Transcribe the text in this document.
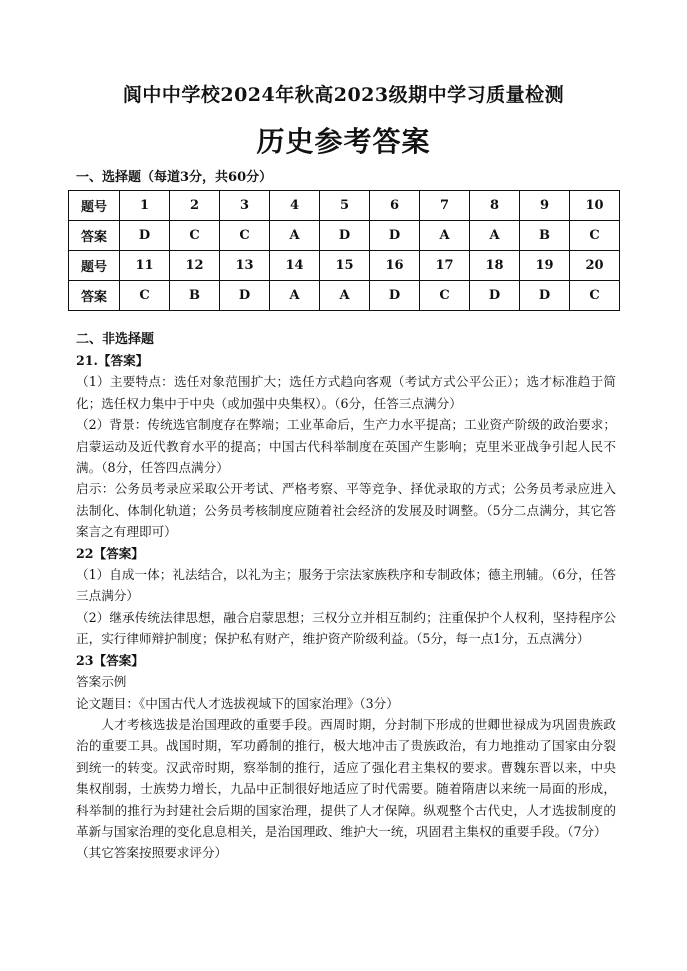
阆中中学校2024年秋高2023级期中学习质量检测
历史参考答案
一、选择题（每道3分，共60分）
题号	1	2	3	4	5	6	7	8	9	10
答案	D	C	C	A	D	D	A	A	B	C
题号	11	12	13	14	15	16	17	18	19	20
答案	C	B	D	A	A	D	C	D	D	C
二、非选择题

21.【答案】

（1）主要特点：选任对象范围扩大；选任方式趋向客观（考试方式公平公正）；选才标准趋于简化；选任权力集中于中央（或加强中央集权）。（6分，任答三点满分）

（2）背景：传统选官制度存在弊端；工业革命后，生产力水平提高；工业资产阶级的政治要求；启蒙运动及近代教育水平的提高；中国古代科举制度在英国产生影响；克里米亚战争引起人民不满。（8分，任答四点满分）

启示：公务员考录应采取公开考试、严格考察、平等竞争、择优录取的方式；公务员考录应进入法制化、体制化轨道；公务员考核制度应随着社会经济的发展及时调整。（5分二点满分，其它答案言之有理即可）

22【答案】

（1）自成一体；礼法结合，以礼为主；服务于宗法家族秩序和专制政体；德主刑辅。（6分，任答三点满分）

（2）继承传统法律思想，融合启蒙思想；三权分立并相互制约；注重保护个人权利，坚持程序公正，实行律师辩护制度；保护私有财产，维护资产阶级利益。（5分，每一点1分，五点满分）

23【答案】

答案示例

论文题目：《中国古代人才选拔视域下的国家治理》（3分）

人才考核选拔是治国理政的重要手段。西周时期，分封制下形成的世卿世禄成为巩固贵族政治的重要工具。战国时期，军功爵制的推行，极大地冲击了贵族政治，有力地推动了国家由分裂到统一的转变。汉武帝时期，察举制的推行，适应了强化君主集权的要求。曹魏东晋以来，中央集权削弱，士族势力增长，九品中正制很好地适应了时代需要。随着隋唐以来统一局面的形成，科举制的推行为封建社会后期的国家治理，提供了人才保障。纵观整个古代史，人才选拔制度的革新与国家治理的变化息息相关，是治国理政、维护大一统，巩固君主集权的重要手段。（7分）

（其它答案按照要求评分）
